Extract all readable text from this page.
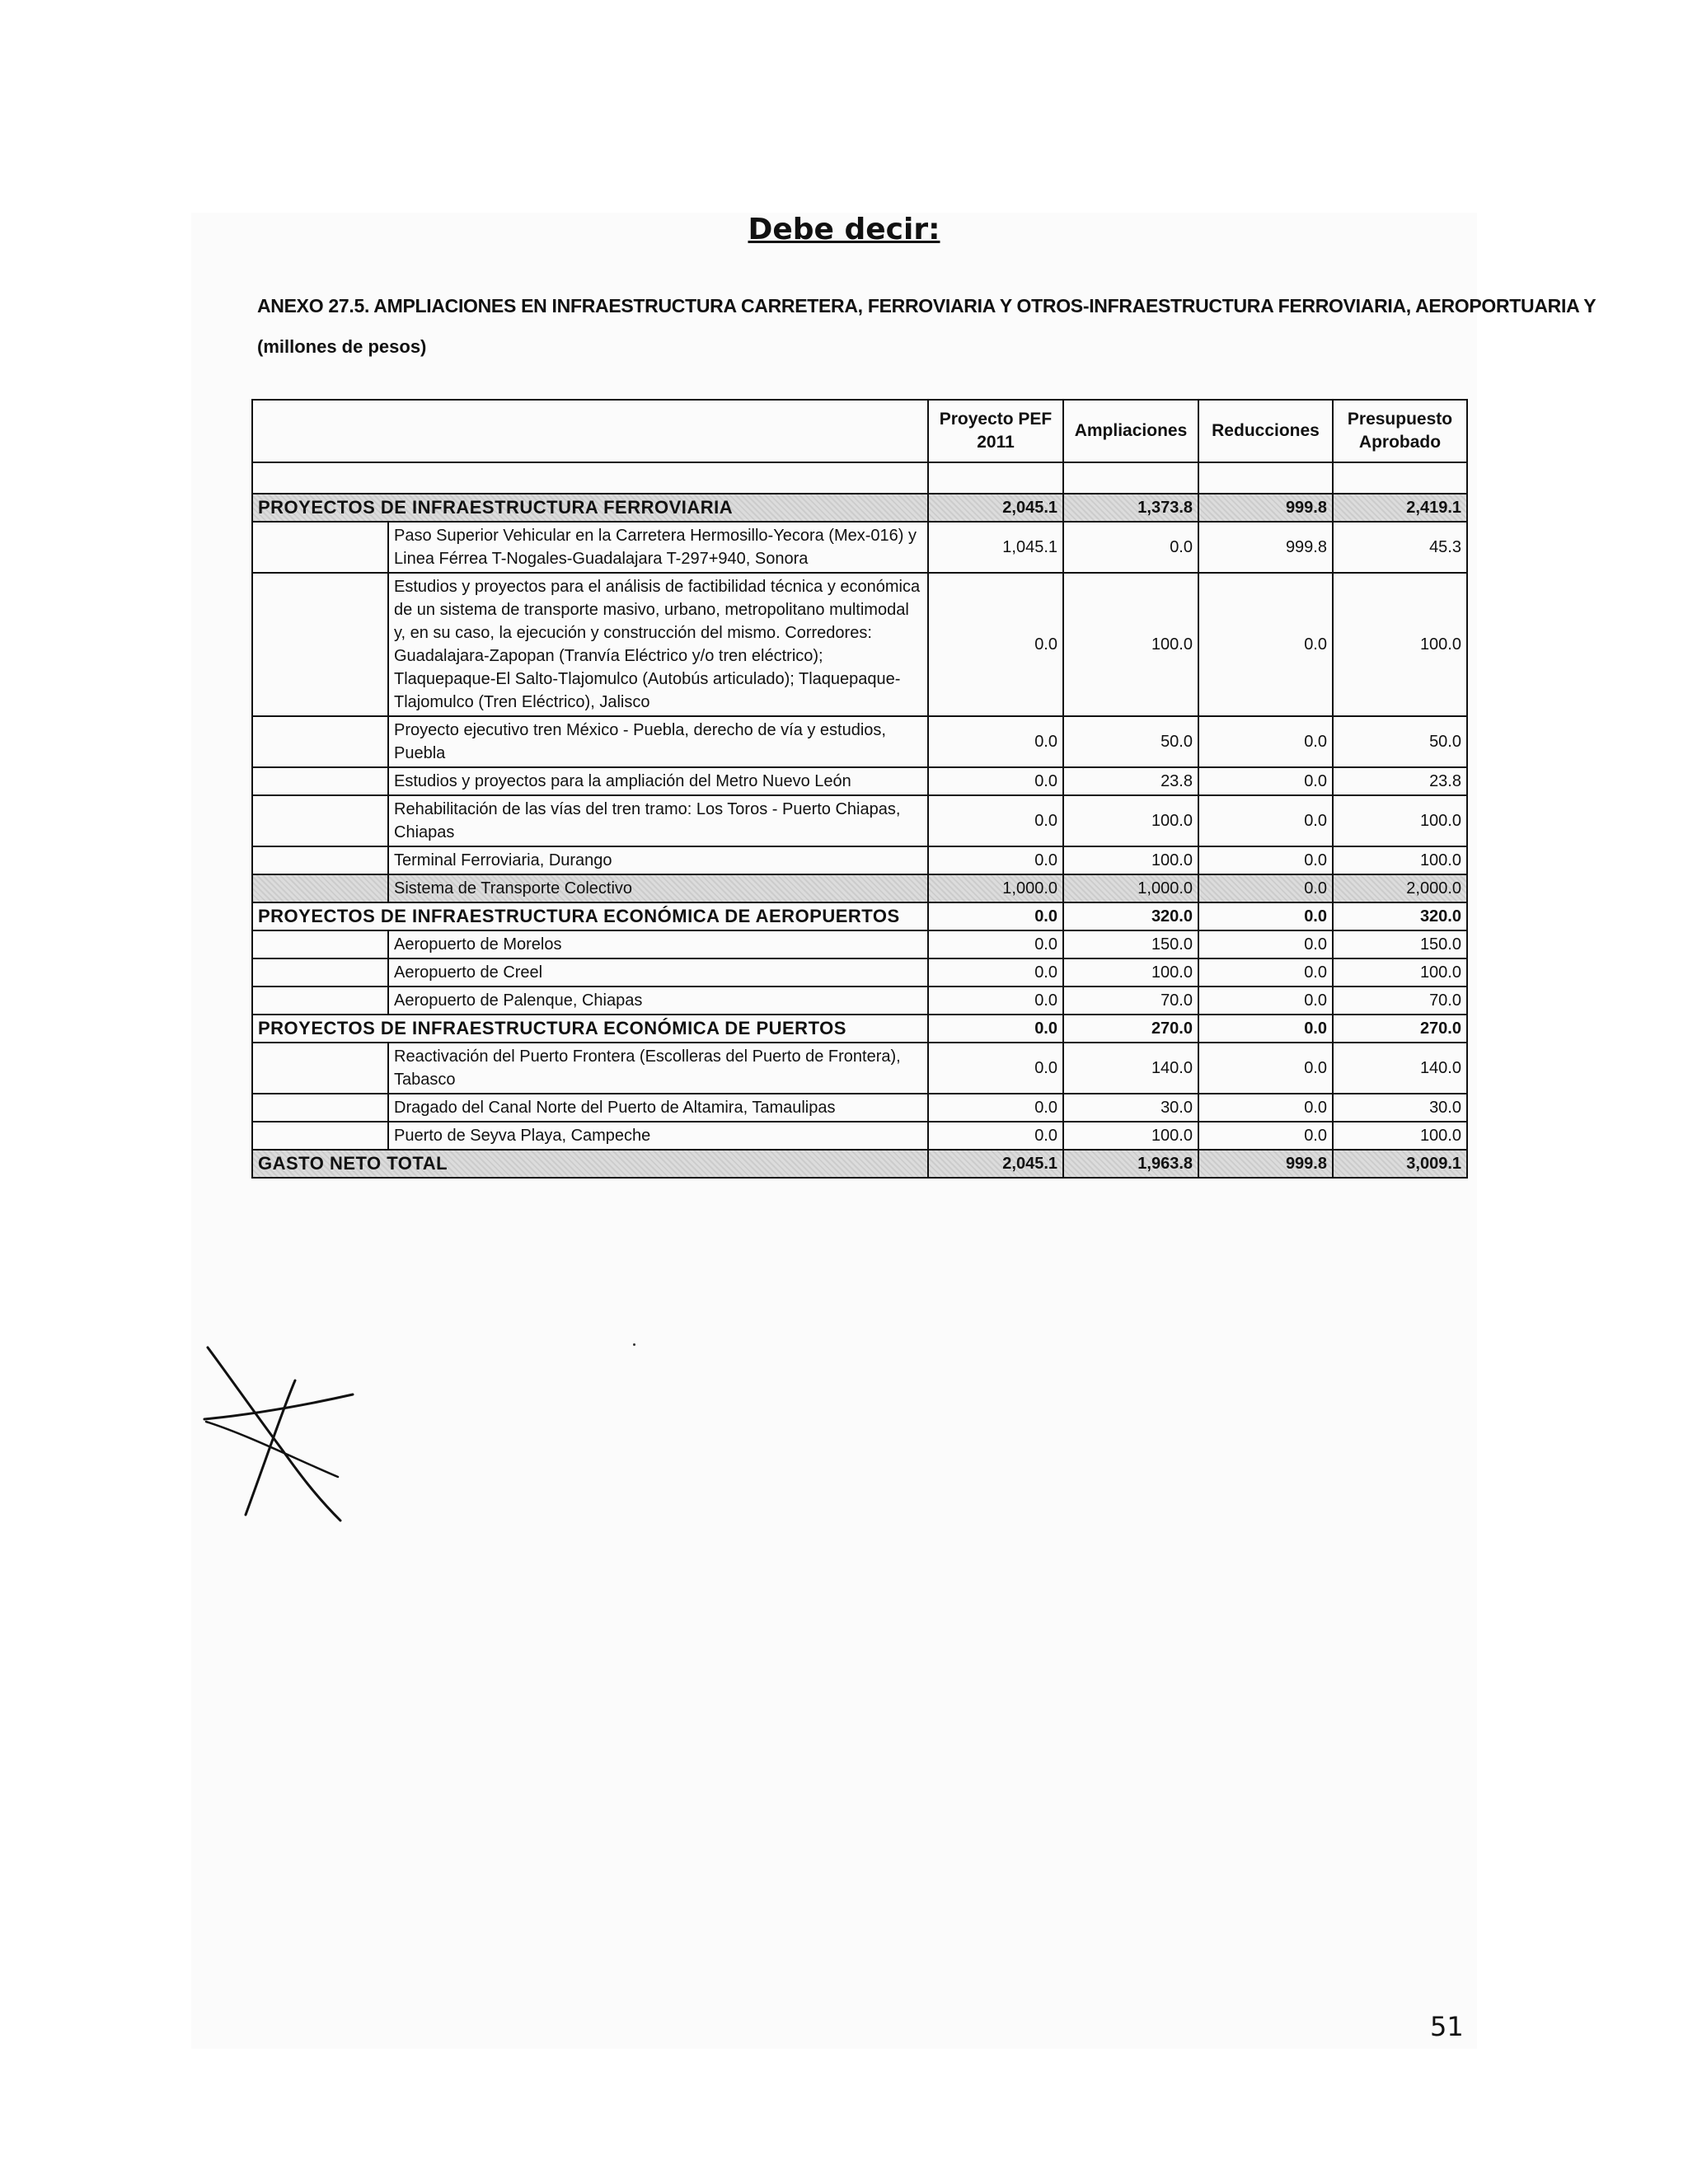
Debe decir:
ANEXO 27.5. AMPLIACIONES EN INFRAESTRUCTURA CARRETERA, FERROVIARIA Y OTROS-INFRAESTRUCTURA FERROVIARIA, AEROPORTUARIA Y
(millones de pesos)
		Proyecto PEF 2011	Ampliaciones	Reducciones	Presupuesto Aprobado

PROYECTOS DE INFRAESTRUCTURA FERROVIARIA		2,045.1	1,373.8	999.8	2,419.1
	Paso Superior Vehicular en la Carretera Hermosillo-Yecora (Mex-016) y Linea Férrea T-Nogales-Guadalajara T-297+940, Sonora	1,045.1	0.0	999.8	45.3
	Estudios y proyectos para el análisis de factibilidad técnica y económica de un sistema de transporte masivo, urbano, metropolitano multimodal y, en su caso, la ejecución y construcción del mismo. Corredores: Guadalajara-Zapopan (Tranvía Eléctrico y/o tren eléctrico); Tlaquepaque-El Salto-Tlajomulco (Autobús articulado); Tlaquepaque-Tlajomulco (Tren Eléctrico), Jalisco	0.0	100.0	0.0	100.0
	Proyecto ejecutivo tren México - Puebla, derecho de vía y estudios, Puebla	0.0	50.0	0.0	50.0
	Estudios y proyectos para la ampliación del Metro Nuevo León	0.0	23.8	0.0	23.8
	Rehabilitación de las vías del tren tramo: Los Toros - Puerto Chiapas, Chiapas	0.0	100.0	0.0	100.0
	Terminal Ferroviaria, Durango	0.0	100.0	0.0	100.0
	Sistema de Transporte Colectivo	1,000.0	1,000.0	0.0	2,000.0
PROYECTOS DE INFRAESTRUCTURA ECONÓMICA DE AEROPUERTOS		0.0	320.0	0.0	320.0
	Aeropuerto de Morelos	0.0	150.0	0.0	150.0
	Aeropuerto de Creel	0.0	100.0	0.0	100.0
	Aeropuerto de Palenque, Chiapas	0.0	70.0	0.0	70.0
PROYECTOS DE INFRAESTRUCTURA ECONÓMICA DE PUERTOS		0.0	270.0	0.0	270.0
	Reactivación del Puerto Frontera (Escolleras del Puerto de Frontera), Tabasco	0.0	140.0	0.0	140.0
	Dragado del Canal Norte del Puerto de Altamira, Tamaulipas	0.0	30.0	0.0	30.0
	Puerto de Seyva Playa, Campeche	0.0	100.0	0.0	100.0
GASTO NETO TOTAL		2,045.1	1,963.8	999.8	3,009.1
51
